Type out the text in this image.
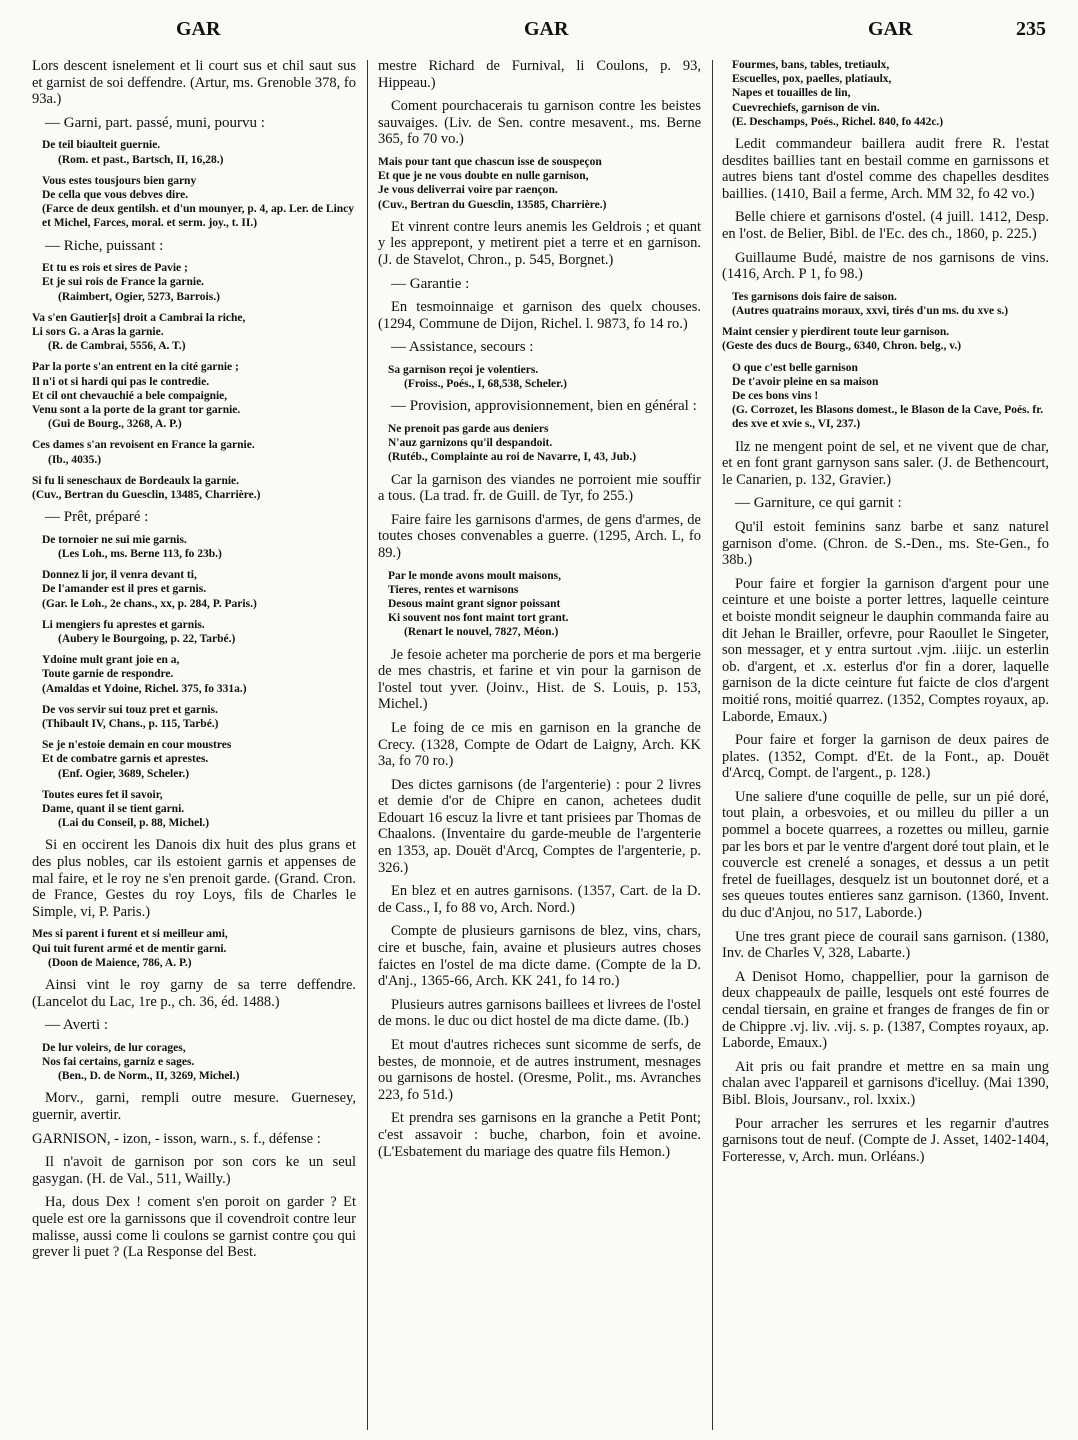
GAR	GAR	GAR	235

Lors descent isnelement et li court sus et chil saut sus et garnist de soi deffendre. (Artur, ms. Grenoble 378, fo 93a.)

— Garni, part. passé, muni, pourvu :

De teil biaulteit guernie.
(Rom. et past., Bartsch, II, 16,28.)
Vous estes tousjours bien garny
De cella que vous debves dire.
(Farce de deux gentilsh. et d'un mounyer, p. 4, ap. Ler. de Lincy et Michel, Farces, moral. et serm. joy., t. II.)

— Riche, puissant :

Et tu es rois et sires de Pavie ;
Et je sui rois de France la garnie.
(Raimbert, Ogier, 5273, Barrois.)
Va s'en Gautier[s] droit a Cambrai la riche,
Li sors G. a Aras la garnie.
(R. de Cambrai, 5556, A. T.)
Par la porte s'an entrent en la cité garnie ;
Il n'i ot si hardi qui pas le contredie.
Et cil ont chevauchié a bele compaignie,
Venu sont a la porte de la grant tor garnie.
(Gui de Bourg., 3268, A. P.)
Ces dames s'an revoisent en France la garnie.
(Ib., 4035.)
Si fu li seneschaux de Bordeaulx la garnie.
(Cuv., Bertran du Guesclin, 13485, Charrière.)

— Prêt, préparé :

De tornoier ne sui mie garnis.
(Les Loh., ms. Berne 113, fo 23b.)
Donnez li jor, il venra devant ti,
De l'amander est il pres et garnis.
(Gar. le Loh., 2e chans., xx, p. 284, P. Paris.)
Li mengiers fu aprestes et garnis.
(Aubery le Bourgoing, p. 22, Tarbé.)
Ydoine mult grant joie en a,
Toute garnie de respondre.
(Amaldas et Ydoine, Richel. 375, fo 331a.)
De vos servir sui touz pret et garnis.
(Thibault IV, Chans., p. 115, Tarbé.)
Se je n'estoie demain en cour moustres
Et de combatre garnis et aprestes.
(Enf. Ogier, 3689, Scheler.)
Toutes eures fet il savoir,
Dame, quant il se tient garni.
(Lai du Conseil, p. 88, Michel.)

Si en occirent les Danois dix huit des plus grans et des plus nobles, car ils estoient garnis et appenses de mal faire, et le roy ne s'en prenoit garde. (Grand. Cron. de France, Gestes du roy Loys, fils de Charles le Simple, vi, P. Paris.)

Mes si parent i furent et si meilleur ami,
Qui tuit furent armé et de mentir garni.
(Doon de Maience, 786, A. P.)

Ainsi vint le roy garny de sa terre deffendre. (Lancelot du Lac, 1re p., ch. 36, éd. 1488.)

— Averti :

De lur voleirs, de lur corages,
Nos fai certains, garniz e sages.
(Ben., D. de Norm., II, 3269, Michel.)

Morv., garni, rempli outre mesure. Guernesey, guernir, avertir.

GARNISON, - izon, - isson, warn., s. f., défense :

Il n'avoit de garnison por son cors ke un seul gasygan. (H. de Val., 511, Wailly.)

Ha, dous Dex ! coment s'en poroit on garder ? Et quele est ore la garnissons que il covendroit contre leur malisse, aussi come li coulons se garnist contre çou qui grever li puet ? (La Response del Best.

mestre Richard de Furnival, li Coulons, p. 93, Hippeau.)

Coment pourchacerais tu garnison contre les beistes sauvaiges. (Liv. de Sen. contre mesavent., ms. Berne 365, fo 70 vo.)

Mais pour tant que chascun isse de souspeçon
Et que je ne vous doubte en nulle garnison,
Je vous deliverrai voire par raençon.
(Cuv., Bertran du Guesclin, 13585, Charrière.)

Et vinrent contre leurs anemis les Geldrois ; et quant y les apprepont, y metirent piet a terre et en garnison. (J. de Stavelot, Chron., p. 545, Borgnet.)

— Garantie :

En tesmoinnaige et garnison des quelx chouses. (1294, Commune de Dijon, Richel. l. 9873, fo 14 ro.)

— Assistance, secours :

Sa garnison reçoi je volentiers.
(Froiss., Poés., I, 68,538, Scheler.)

— Provision, approvisionnement, bien en général :

Ne prenoit pas garde aus deniers
N'auz garnizons qu'il despandoit.
(Rutéb., Complainte au roi de Navarre, I, 43, Jub.)

Car la garnison des viandes ne porroient mie souffir a tous. (La trad. fr. de Guill. de Tyr, fo 255.)

Faire faire les garnisons d'armes, de gens d'armes, de toutes choses convenables a guerre. (1295, Arch. L, fo 89.)

Par le monde avons moult maisons,
Tieres, rentes et warnisons
Desous maint grant signor poissant
Ki souvent nos font maint tort grant.
(Renart le nouvel, 7827, Méon.)

Je fesoie acheter ma porcherie de pors et ma bergerie de mes chastris, et farine et vin pour la garnison de l'ostel tout yver. (Joinv., Hist. de S. Louis, p. 153, Michel.)

Le foing de ce mis en garnison en la granche de Crecy. (1328, Compte de Odart de Laigny, Arch. KK 3a, fo 70 ro.)

Des dictes garnisons (de l'argenterie) : pour 2 livres et demie d'or de Chipre en canon, achetees dudit Edouart 16 escuz la livre et tant prisiees par Thomas de Chaalons. (Inventaire du garde-meuble de l'argenterie en 1353, ap. Douët d'Arcq, Comptes de l'argenterie, p. 326.)

En blez et en autres garnisons. (1357, Cart. de la D. de Cass., I, fo 88 vo, Arch. Nord.)

Compte de plusieurs garnisons de blez, vins, chars, cire et busche, fain, avaine et plusieurs autres choses faictes en l'ostel de ma dicte dame. (Compte de la D. d'Anj., 1365-66, Arch. KK 241, fo 14 ro.)

Plusieurs autres garnisons baillees et livrees de l'ostel de mons. le duc ou dict hostel de ma dicte dame. (Ib.)

Et mout d'autres richeces sunt sicomme de serfs, de bestes, de monnoie, et de autres instrument, mesnages ou garnisons de hostel. (Oresme, Polit., ms. Avranches 223, fo 51d.)

Et prendra ses garnisons en la granche a Petit Pont; c'est assavoir : buche, charbon, foin et avoine. (L'Esbatement du mariage des quatre fils Hemon.)

Fourmes, bans, tables, tretiaulx,
Escuelles, pox, paelles, platiaulx,
Napes et touailles de lin,
Cuevrechiefs, garnison de vin.
(E. Deschamps, Poés., Richel. 840, fo 442c.)

Ledit commandeur baillera audit frere R. l'estat desdites baillies tant en bestail comme en garnissons et autres biens tant d'ostel comme des chapelles desdites baillies. (1410, Bail a ferme, Arch. MM 32, fo 42 vo.)

Belle chiere et garnisons d'ostel. (4 juill. 1412, Desp. en l'ost. de Belier, Bibl. de l'Ec. des ch., 1860, p. 225.)

Guillaume Budé, maistre de nos garnisons de vins. (1416, Arch. P 1, fo 98.)

Tes garnisons dois faire de saison.
(Autres quatrains moraux, xxvi, tirés d'un ms. du xve s.)
Maint censier y pierdirent toute leur garnison.
(Geste des ducs de Bourg., 6340, Chron. belg., v.)
O que c'est belle garnison
De t'avoir pleine en sa maison
De ces bons vins !
(G. Corrozet, les Blasons domest., le Blason de la Cave, Poés. fr. des xve et xvie s., VI, 237.)

Ilz ne mengent point de sel, et ne vivent que de char, et en font grant garnyson sans saler. (J. de Bethencourt, le Canarien, p. 132, Gravier.)

— Garniture, ce qui garnit :

Qu'il estoit feminins sanz barbe et sanz naturel garnison d'ome. (Chron. de S.-Den., ms. Ste-Gen., fo 38b.)

Pour faire et forgier la garnison d'argent pour une ceinture et une boiste a porter lettres, laquelle ceinture et boiste mondit seigneur le dauphin commanda faire au dit Jehan le Brailler, orfevre, pour Raoullet le Singeter, son messager, et y entra surtout .vjm. .iiijc. un esterlin ob. d'argent, et .x. esterlus d'or fin a dorer, laquelle garnison de la dicte ceinture fut faicte de clos d'argent moitié rons, moitié quarrez. (1352, Comptes royaux, ap. Laborde, Emaux.)

Pour faire et forger la garnison de deux paires de plates. (1352, Compt. d'Et. de la Font., ap. Douët d'Arcq, Compt. de l'argent., p. 128.)

Une saliere d'une coquille de pelle, sur un pié doré, tout plain, a orbesvoies, et ou milleu du piller a un pommel a bocete quarrees, a rozettes ou milleu, garnie par les bors et par le ventre d'argent doré tout plain, et le couvercle est crenelé a sonages, et dessus a un petit fretel de fueillages, desquelz ist un boutonnet doré, et a ses queues toutes entieres sanz garnison. (1360, Invent. du duc d'Anjou, no 517, Laborde.)

Une tres grant piece de courail sans garnison. (1380, Inv. de Charles V, 328, Labarte.)

A Denisot Homo, chappellier, pour la garnison de deux chappeaulx de paille, lesquels ont esté fourres de cendal tiersain, en graine et franges de franges de fin or de Chippre .vj. liv. .vij. s. p. (1387, Comptes royaux, ap. Laborde, Emaux.)

Ait pris ou fait prandre et mettre en sa main ung chalan avec l'appareil et garnisons d'icelluy. (Mai 1390, Bibl. Blois, Joursanv., rol. lxxix.)

Pour arracher les serrures et les regarnir d'autres garnisons tout de neuf. (Compte de J. Asset, 1402-1404, Forteresse, v, Arch. mun. Orléans.)
